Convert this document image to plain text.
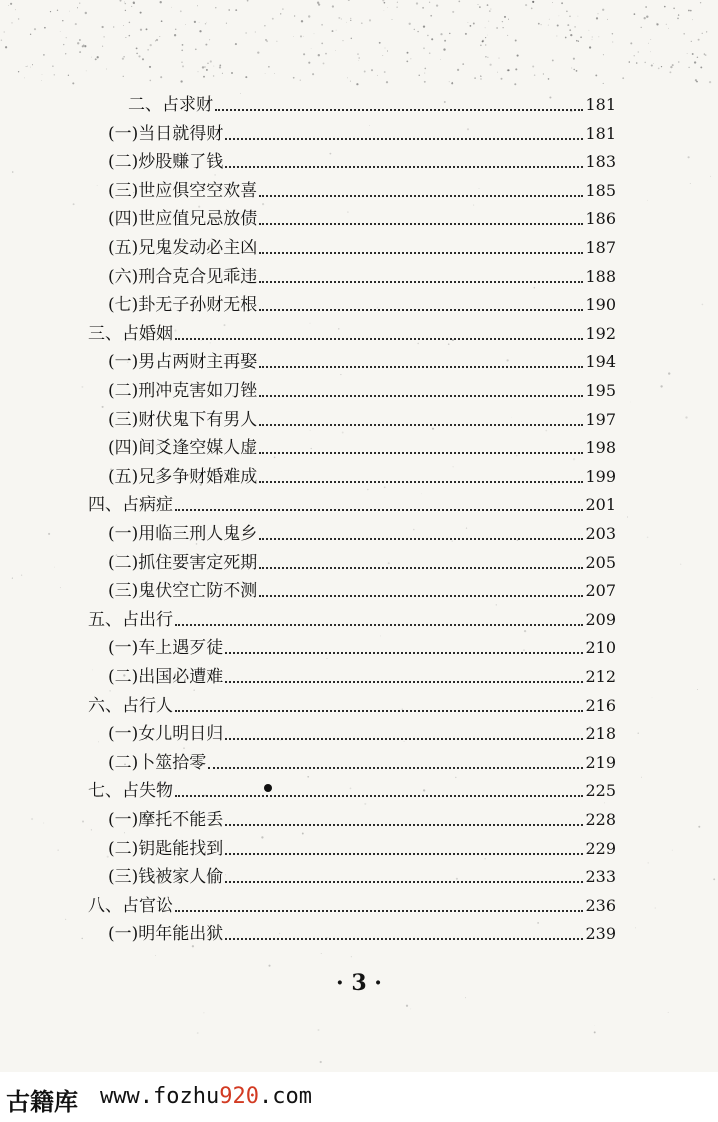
二、占求财	181
(一)当日就得财	181
(二)炒股赚了钱	183
(三)世应俱空空欢喜	185
(四)世应值兄忌放债	186
(五)兄鬼发动必主凶	187
(六)刑合克合见乖违	188
(七)卦无子孙财无根	190
三、占婚姻	192
(一)男占两财主再娶	194
(二)刑冲克害如刀锉	195
(三)财伏鬼下有男人	197
(四)间爻逢空媒人虚	198
(五)兄多争财婚难成	199
四、占病症	201
(一)用临三刑人鬼乡	203
(二)抓住要害定死期	205
(三)鬼伏空亡防不测	207
五、占出行	209
(一)车上遇歹徒	210
(二)出国必遭难	212
六、占行人	216
(一)女儿明日归	218
(二)卜筮拾零	219
七、占失物	225
(一)摩托不能丢	228
(二)钥匙能找到	229
(三)钱被家人偷	233
八、占官讼	236
(一)明年能出狱	239
· 3 ·
古籍库 www.fozhu920.com
